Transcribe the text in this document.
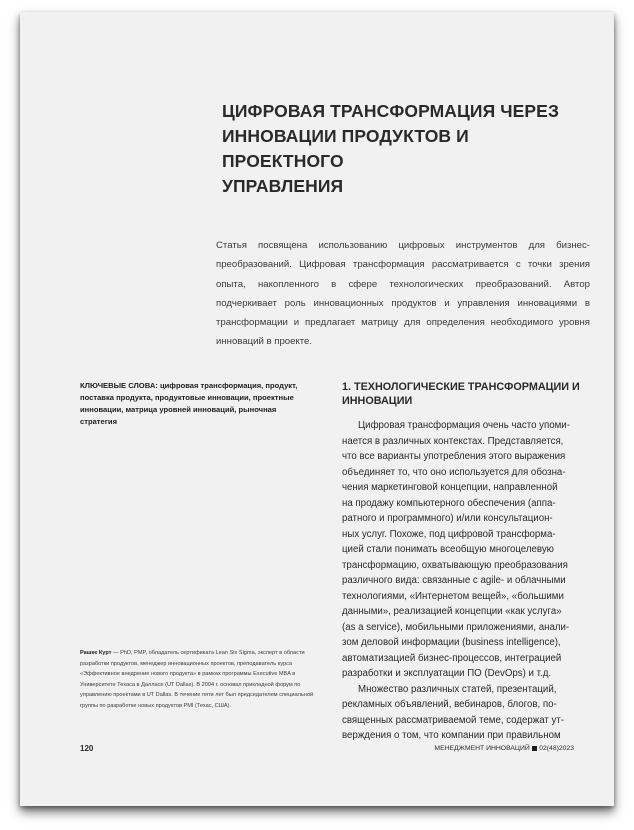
ЦИФРОВАЯ ТРАНСФОРМАЦИЯ ЧЕРЕЗ
ИННОВАЦИИ ПРОДУКТОВ И ПРОЕКТНОГО
УПРАВЛЕНИЯ

Статья посвящена использованию цифровых инструментов для бизнес-преобразований. Цифровая трансформация рассматривается с точки зрения опыта, накопленного в сфере технологических преобразований. Автор подчеркивает роль инновационных продуктов и управления инновациями в трансформации и предлагает матрицу для определения необходимого уровня инноваций в проекте.

КЛЮЧЕВЫЕ СЛОВА: цифровая трансформация, продукт, поставка продукта, продуктовые инновации, проектные инновации, матрица уровней инноваций, рыночная стратегия

Рашке Курт — PhD, PMP, обладатель сертификата Lean Six Sigma, эксперт в области разработки продуктов, менеджер инновационных проектов, преподаватель курса «Эффективное внедрение нового продукта» в рамках программы Executive MBA в Университете Техаса в Далласе (UT Dallas). В 2004 г. основал прикладной форум по управлению проектами в UT Dallas. В течение пяти лет был председателем специальной группы по разработке новых продуктов PMI (Техас, США)

1. ТЕХНОЛОГИЧЕСКИЕ ТРАНСФОРМАЦИИ И ИННОВАЦИИ
Цифровая трансформация очень часто упоми-
нается в различных контекстах. Представляется,
что все варианты употребления этого выражения
объединяет то, что оно используется для обозна-
чения маркетинговой концепции, направленной
на продажу компьютерного обеспечения (аппа-
ратного и программного) и/или консультацион-
ных услуг. Похоже, под цифровой трансформа-
цией стали понимать всеобщую многоцелевую
трансформацию, охватывающую преобразования
различного вида: связанные с agile- и облачными
технологиями, «Интернетом вещей», «большими
данными», реализацией концепции «как услуга»
(as a service), мобильными приложениями, анали-
зом деловой информации (business intelligence),
автоматизацией бизнес-процессов, интеграцией
разработки и эксплуатации ПО (DevOps) и т.д.
Множество различных статей, презентаций,
рекламных объявлений, вебинаров, блогов, по-
священных рассматриваемой теме, содержат ут-
верждения о том, что компании при правильном
120	МЕНЕДЖМЕНТ ИННОВАЦИЙ 02(48)2023
